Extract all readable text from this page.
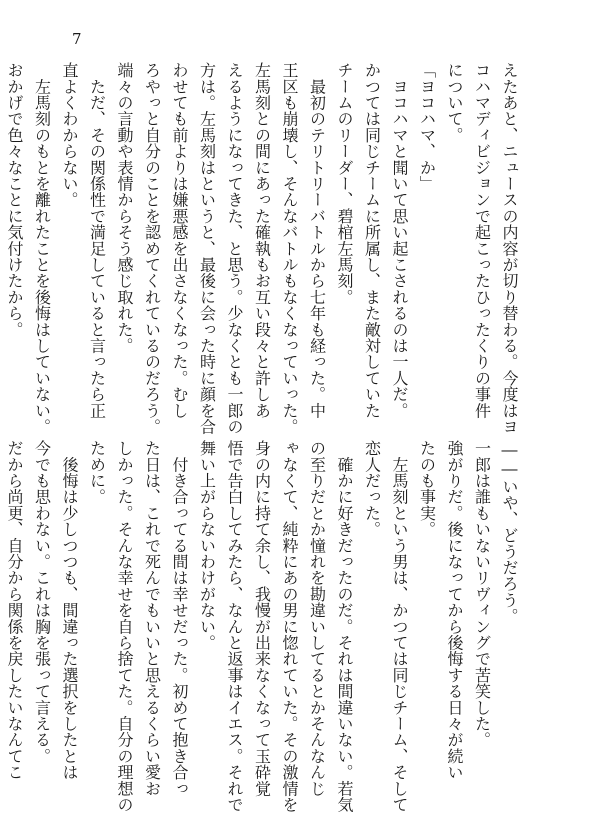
7
えたあと、ニュースの内容が切り替わる。今度はヨ
コハマディビジョンで起こったひったくりの事件
について。
「ヨコハマ、か」
　ヨコハマと聞いて思い起こされるのは一人だ。
かつては同じチームに所属し、また敵対していた
チームのリーダー、碧棺左馬刻。
　最初のテリトリーバトルから七年も経った。中
王区も崩壊し、そんなバトルもなくなっていった。
左馬刻との間にあった確執もお互い段々と許しあ
えるようになってきた、と思う。少なくとも一郎の
方は。左馬刻はというと、最後に会った時に顔を合
わせても前よりは嫌悪感を出さなくなった。むし
ろやっと自分のことを認めてくれているのだろう。
端々の言動や表情からそう感じ取れた。
　ただ、その関係性で満足していると言ったら正
直よくわからない。
　左馬刻のもとを離れたことを後悔はしていない。
おかげで色々なことに気付けたから。
――いや、どうだろう。
一郎は誰もいないリヴィングで苦笑した。
強がりだ。後になってから後悔する日々が続い
たのも事実。
　左馬刻という男は、かつては同じチーム、そして
恋人だった。
　確かに好きだったのだ。それは間違いない。若気
の至りだとか憧れを勘違いしてるとかそんなんじ
ゃなくて、純粋にあの男に惚れていた。その激情を
身の内に持て余し、我慢が出来なくなって玉砕覚
悟で告白してみたら、なんと返事はイエス。それで
舞い上がらないわけがない。
　付き合ってる間は幸せだった。初めて抱き合っ
た日は、これで死んでもいいと思えるくらい愛お
しかった。そんな幸せを自ら捨てた。自分の理想の
ために。
　後悔は少しつつも、間違った選択をしたとは
今でも思わない。これは胸を張って言える。
だから尚更、自分から関係を戻したいなんてこ
